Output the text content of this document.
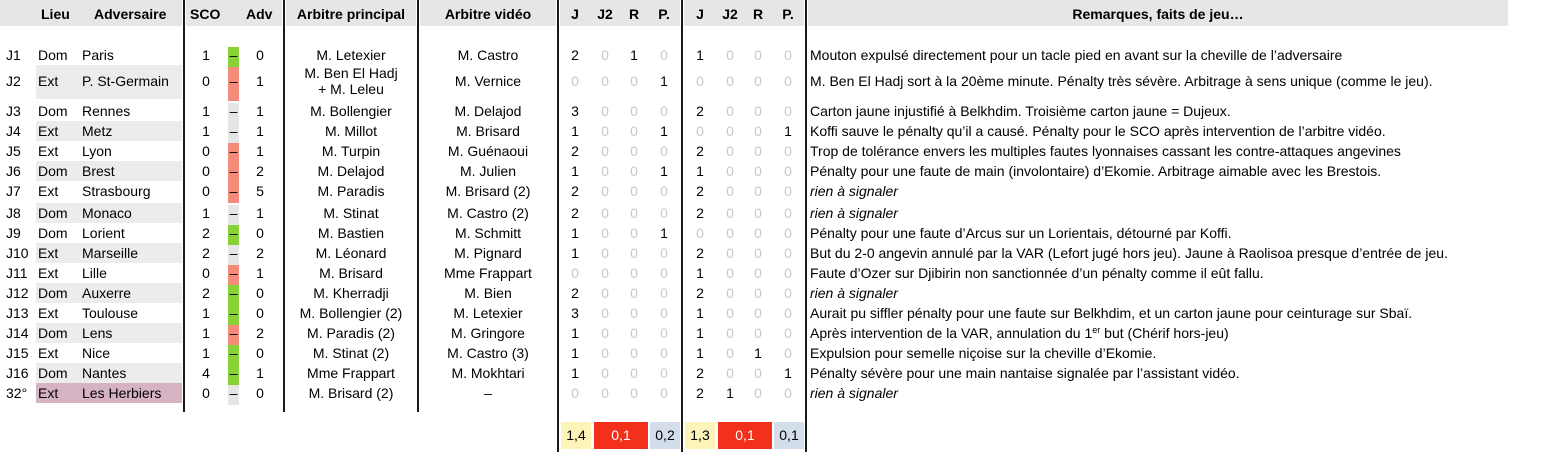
Lieu Adversaire SCO Adv	Arbitre principal	Arbitre vidéo	J	J2	R	P.	J	J2	R	P.	Remarques, faits de jeu…
J1 Dom Paris	1 – 0	M. Letexier	M. Castro	2	0	1	0	1	0	0	0	Mouton expulsé directement pour un tacle pied en avant sur la cheville de l’adversaire
J2 Ext P. St-Germain 0 – 1	M. Ben El Hadj
+ M. Leleu	M. Vernice	0	0	0	1	0	0	0	0	M. Ben El Hadj sort à la 20ème minute. Pénalty très sévère. Arbitrage à sens unique (comme le jeu).
J3 Dom Rennes	1 – 1	M. Bollengier	M. Delajod	3	0	0	0	2	0	0	0	Carton jaune injustifié à Belkhdim. Troisième carton jaune = Dujeux.
J4 Ext Metz	1 – 1	M. Millot	M. Brisard	1	0	0	1	0	0	0	1	Koffi sauve le pénalty qu’il a causé. Pénalty pour le SCO après intervention de l’arbitre vidéo.
J5 Ext Lyon	0 – 1	M. Turpin	M. Guénaoui	2	0	0	0	2	0	0	0	Trop de tolérance envers les multiples fautes lyonnaises cassant les contre-attaques angevines
J6 Dom Brest	0 – 2	M. Delajod	M. Julien	1	0	0	1	1	0	0	0	Pénalty pour une faute de main (involontaire) d’Ekomie. Arbitrage aimable avec les Brestois.
J7 Ext Strasbourg	0 – 5	M. Paradis	M. Brisard (2)	2	0	0	0	2	0	0	0	rien à signaler
J8 Dom Monaco	1 – 1	M. Stinat	M. Castro (2)	2	0	0	0	2	0	0	0	rien à signaler
J9 Dom Lorient	2 – 0	M. Bastien	M. Schmitt	1	0	0	1	0	0	0	0	Pénalty pour une faute d’Arcus sur un Lorientais, détourné par Koffi.
J10 Ext Marseille	2 – 2	M. Léonard	M. Pignard	1	0	0	0	2	0	0	0	But du 2-0 angevin annulé par la VAR (Lefort jugé hors jeu). Jaune à Raolisoa presque d’entrée de jeu.
J11 Ext Lille	0 – 1	M. Brisard	Mme Frappart	0	0	0	0	1	0	0	0	Faute d’Ozer sur Djibirin non sanctionnée d’un pénalty comme il eût fallu.
J12 Dom Auxerre	2 – 0	M. Kherradji	M. Bien	2	0	0	0	2	0	0	0	rien à signaler
J13 Ext Toulouse	1 – 0	M. Bollengier (2)	M. Letexier	3	0	0	0	1	0	0	0	Aurait pu siffler pénalty pour une faute sur Belkhdim, et un carton jaune pour ceinturage sur Sbaï.
J14 Dom Lens	1 – 2	M. Paradis (2)	M. Gringore	1	0	0	0	1	0	0	0	Après intervention de la VAR, annulation du 1er but (Chérif hors-jeu)
J15 Ext Nice	1 – 0	M. Stinat (2)	M. Castro (3)	1	0	0	0	1	0	1	0	Expulsion pour semelle niçoise sur la cheville d’Ekomie.
J16 Dom Nantes	4 – 1	Mme Frappart	M. Mokhtari	1	0	0	0	2	0	0	1	Pénalty sévère pour une main nantaise signalée par l’assistant vidéo.
32° Ext Les Herbiers	0 – 0	M. Brisard (2)	–	0	0	0	0	2	1	0	0	rien à signaler
1,4	0,1	0,2	1,3	0,1	0,1
